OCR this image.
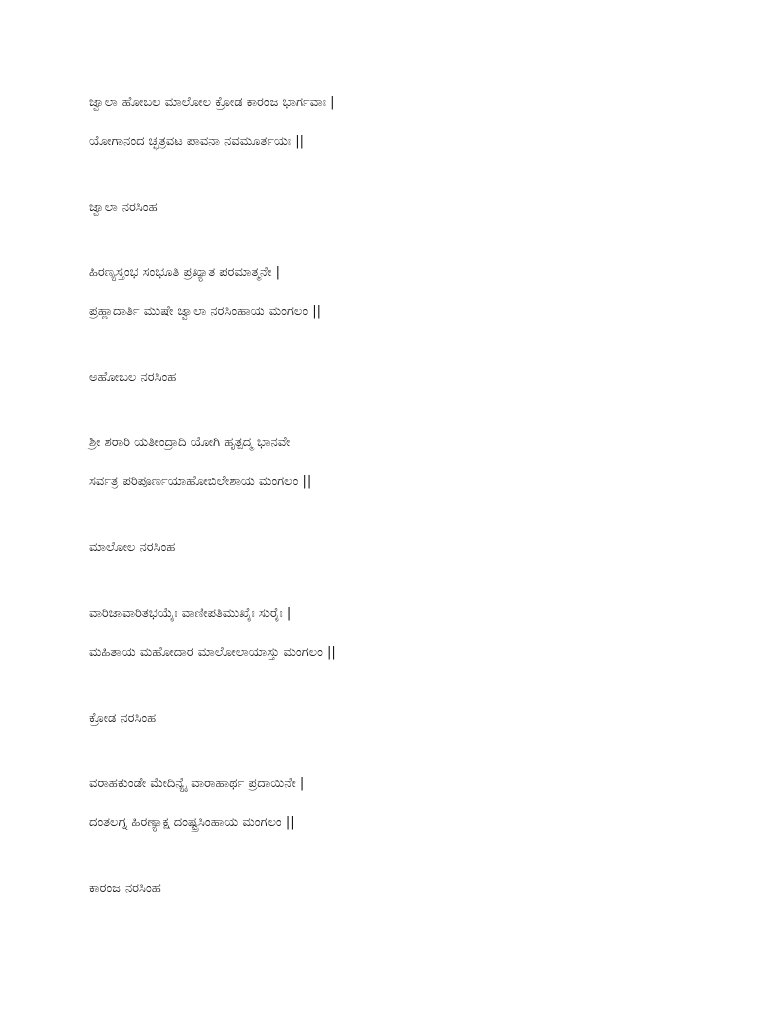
ಜ್ವಾಲಾ ಹೋಬಲ ಮಾಲೋಲ ಕ್ರೋಡ ಕಾರಂಜ ಭಾರ್ಗವಾಃ |
ಯೋಗಾನಂದ ಚ್ಛತ್ರವಟ ಪಾವನಾ ನವಮೂರ್ತಯಃ ||
ಜ್ವಾಲಾ ನರಸಿಂಹ
ಹಿರಣ್ಯಸ್ತಂಭ ಸಂಭೂತಿ ಪ್ರಖ್ಯಾತ ಪರಮಾತ್ಮನೇ |
ಪ್ರಹ್ಲಾದಾರ್ತಿ ಮುಷೇ ಜ್ವಾಲಾ ನರಸಿಂಹಾಯ ಮಂಗಲಂ ||
ಅಹೋಬಲ ನರಸಿಂಹ
ಶ್ರೀ ಶರಾರಿ ಯತೀಂದ್ರಾದಿ ಯೋಗಿ ಹೃತ್ಪದ್ಮ ಭಾನವೇ
ಸರ್ವತ್ರ ಪರಿಪೂರ್ಣಯಾಹೋಬಿಲೇಶಾಯ ಮಂಗಲಂ ||
ಮಾಲೋಲ ನರಸಿಂಹ
ವಾರಿಜಾವಾರಿತಭಯೈಃ ವಾಣೀಪತಿಮುಖೈಃ ಸುರೈಃ |
ಮಹಿತಾಯ ಮಹೋದಾರ ಮಾಲೋಲಾಯಾಸ್ತು ಮಂಗಲಂ ||
ಕ್ರೋಡ ನರಸಿಂಹ
ವರಾಹಕುಂಡೇ ಮೇದಿನ್ಯೈ ವಾರಾಹಾರ್ಥ ಪ್ರದಾಯಿನೇ |
ದಂತಲಗ್ನ ಹಿರಣ್ಯಾಕ್ಷ ದಂಷ್ಟ್ರಸಿಂಹಾಯ ಮಂಗಲಂ ||
ಕಾರಂಜ ನರಸಿಂಹ
